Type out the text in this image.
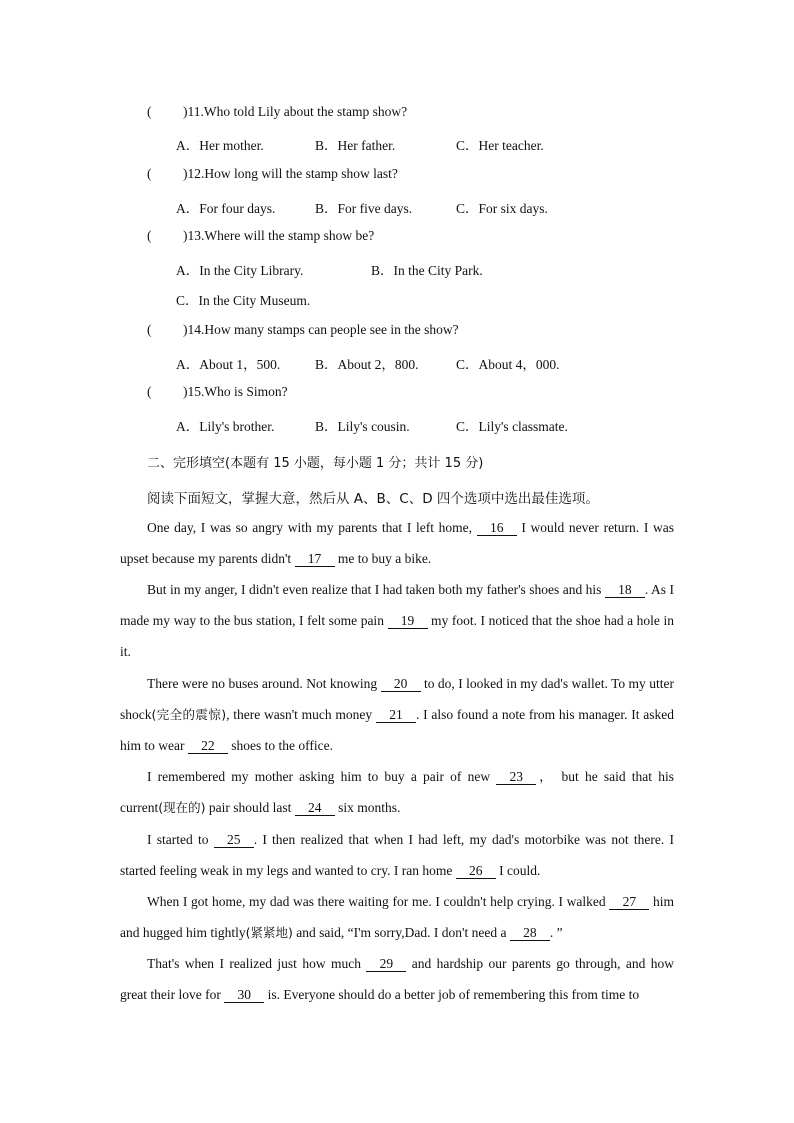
( )11.Who told Lily about the stamp show?
A．Her mother.	B．Her father.	C．Her teacher.
( )12.How long will the stamp show last?
A．For four days.	B．For five days.	C．For six days.
( )13.Where will the stamp show be?
A．In the City Library.	B．In the City Park.
C．In the City Museum.
( )14.How many stamps can people see in the show?
A．About 1，500.	B．About 2，800.	C．About 4，000.
( )15.Who is Simon?
A．Lily's brother.	B．Lily's cousin.	C．Lily's classmate.
二、完形填空(本题有 15 小题，每小题 1 分；共计 15 分)
阅读下面短文，掌握大意，然后从 A、B、C、D 四个选项中选出最佳选项。
One day, I was so angry with my parents that I left home, 16 I would never return. I was upset because my parents didn't 17 me to buy a bike.
But in my anger, I didn't even realize that I had taken both my father's shoes and his 18 . As I made my way to the bus station, I felt some pain 19 my foot. I noticed that the shoe had a hole in it.
There were no buses around. Not knowing 20 to do, I looked in my dad's wallet. To my utter shock(完全的震惊), there wasn't much money 21 . I also found a note from his manager. It asked him to wear 22 shoes to the office.
I remembered my mother asking him to buy a pair of new 23 ， but he said that his current(现在的) pair should last 24 six months.
I started to 25 . I then realized that when I had left, my dad's motorbike was not there. I started feeling weak in my legs and wanted to cry. I ran home 26 I could.
When I got home, my dad was there waiting for me. I couldn't help crying. I walked 27 him and hugged him tightly(紧紧地) and said, “I'm sorry,Dad. I don't need a 28 . ”
That's when I realized just how much 29 and hardship our parents go through, and how great their love for 30 is. Everyone should do a better job of remembering this from time to
